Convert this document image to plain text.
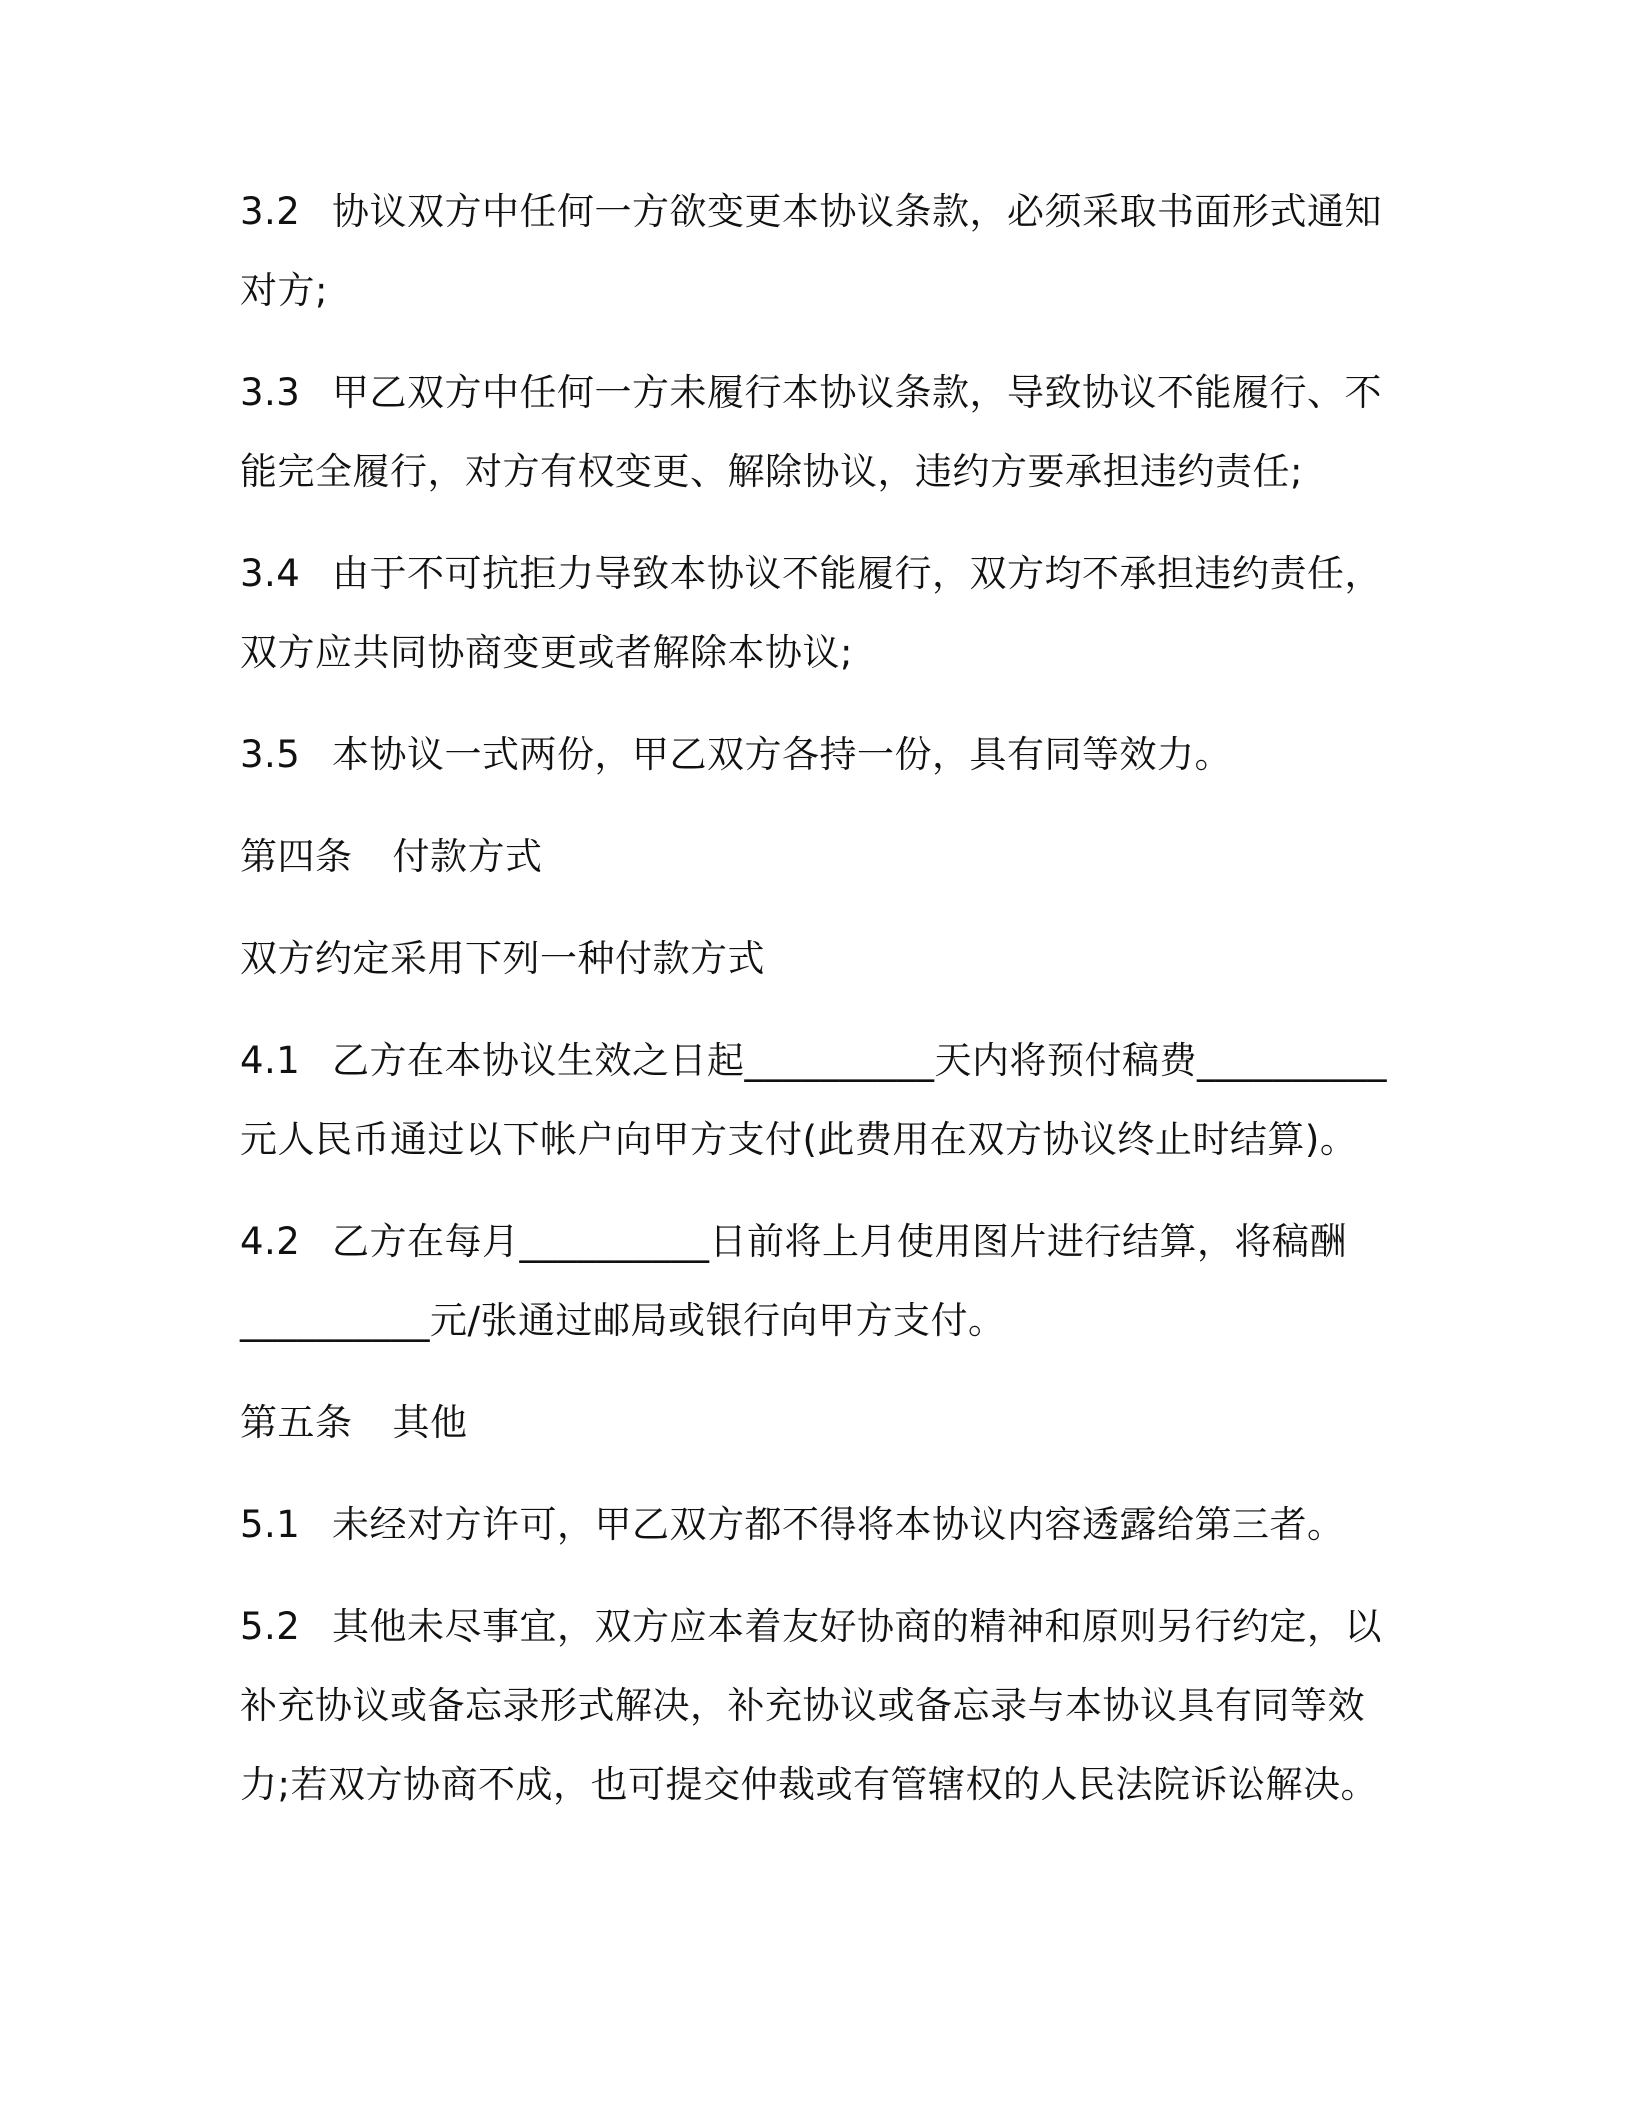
3.2 协议双方中任何一方欲变更本协议条款，必须采取书面形式通知
对方;
3.3 甲乙双方中任何一方未履行本协议条款，导致协议不能履行、不
能完全履行，对方有权变更、解除协议，违约方要承担违约责任;
3.4 由于不可抗拒力导致本协议不能履行，双方均不承担违约责任，
双方应共同协商变更或者解除本协议;
3.5 本协议一式两份，甲乙双方各持一份，具有同等效力。
第四条 付款方式
双方约定采用下列一种付款方式
4.1 乙方在本协议生效之日起__________天内将预付稿费__________
元人民币通过以下帐户向甲方支付(此费用在双方协议终止时结算)。
4.2 乙方在每月__________日前将上月使用图片进行结算，将稿酬
__________元/张通过邮局或银行向甲方支付。
第五条 其他
5.1 未经对方许可，甲乙双方都不得将本协议内容透露给第三者。
5.2 其他未尽事宜，双方应本着友好协商的精神和原则另行约定，以
补充协议或备忘录形式解决，补充协议或备忘录与本协议具有同等效
力;若双方协商不成，也可提交仲裁或有管辖权的人民法院诉讼解决。
